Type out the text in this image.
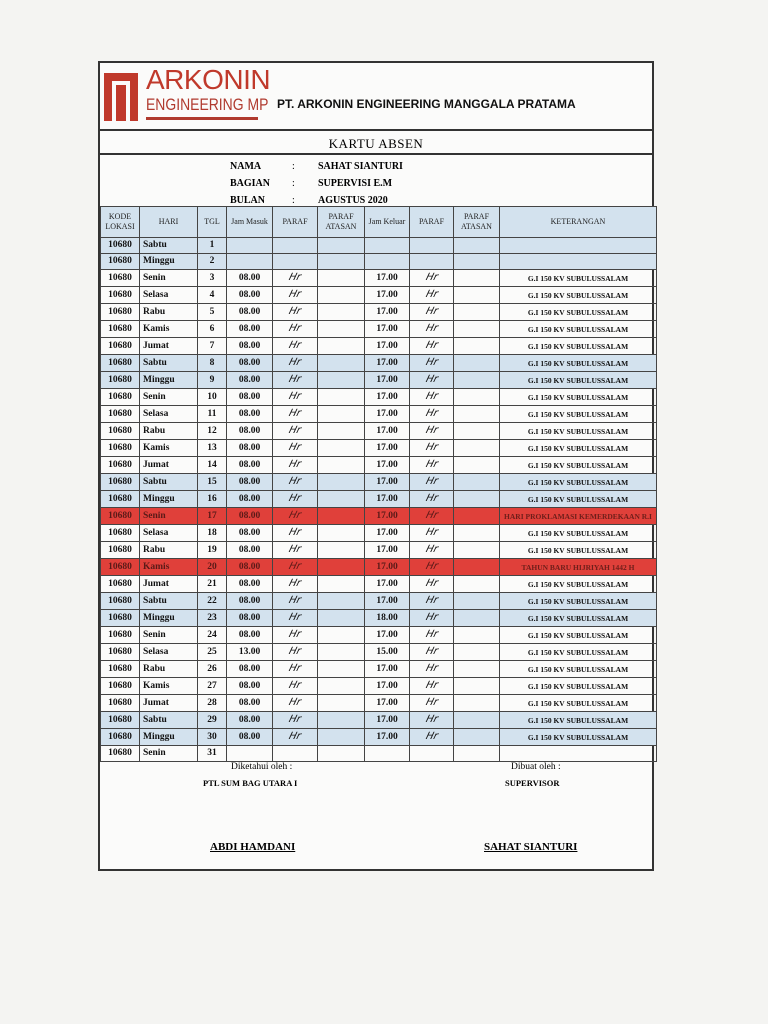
ARKONIN
ENGINEERING MP PT. ARKONIN ENGINEERING MANGGALA PRATAMA
KARTU ABSEN
NAMA	:	SAHAT SIANTURI
BAGIAN	:	SUPERVISI E.M
BULAN	:	AGUSTUS 2020
KODE LOKASI	HARI	TGL	Jam Masuk	PARAF	PARAF ATASAN	Jam Keluar	PARAF	PARAF ATASAN	KETERANGAN
10680	Sabtu	1							
10680	Minggu	2							
10680	Senin	3	08.00	Hr		17.00	Hr		G.I 150 KV SUBULUSSALAM
10680	Selasa	4	08.00	Hr		17.00	Hr		G.I 150 KV SUBULUSSALAM
10680	Rabu	5	08.00	Hr		17.00	Hr		G.I 150 KV SUBULUSSALAM
10680	Kamis	6	08.00	Hr		17.00	Hr		G.I 150 KV SUBULUSSALAM
10680	Jumat	7	08.00	Hr		17.00	Hr		G.I 150 KV SUBULUSSALAM
10680	Sabtu	8	08.00	Hr		17.00	Hr		G.I 150 KV SUBULUSSALAM
10680	Minggu	9	08.00	Hr		17.00	Hr		G.I 150 KV SUBULUSSALAM
10680	Senin	10	08.00	Hr		17.00	Hr		G.I 150 KV SUBULUSSALAM
10680	Selasa	11	08.00	Hr		17.00	Hr		G.I 150 KV SUBULUSSALAM
10680	Rabu	12	08.00	Hr		17.00	Hr		G.I 150 KV SUBULUSSALAM
10680	Kamis	13	08.00	Hr		17.00	Hr		G.I 150 KV SUBULUSSALAM
10680	Jumat	14	08.00	Hr		17.00	Hr		G.I 150 KV SUBULUSSALAM
10680	Sabtu	15	08.00	Hr		17.00	Hr		G.I 150 KV SUBULUSSALAM
10680	Minggu	16	08.00	Hr		17.00	Hr		G.I 150 KV SUBULUSSALAM
10680	Senin	17	08.00	Hr		17.00	Hr		HARI PROKLAMASI KEMERDEKAAN R.I
10680	Selasa	18	08.00	Hr		17.00	Hr		G.I 150 KV SUBULUSSALAM
10680	Rabu	19	08.00	Hr		17.00	Hr		G.I 150 KV SUBULUSSALAM
10680	Kamis	20	08.00	Hr		17.00	Hr		TAHUN BARU HIJRIYAH 1442 H
10680	Jumat	21	08.00	Hr		17.00	Hr		G.I 150 KV SUBULUSSALAM
10680	Sabtu	22	08.00	Hr		17.00	Hr		G.I 150 KV SUBULUSSALAM
10680	Minggu	23	08.00	Hr		18.00	Hr		G.I 150 KV SUBULUSSALAM
10680	Senin	24	08.00	Hr		17.00	Hr		G.I 150 KV SUBULUSSALAM
10680	Selasa	25	13.00	Hr		15.00	Hr		G.I 150 KV SUBULUSSALAM
10680	Rabu	26	08.00	Hr		17.00	Hr		G.I 150 KV SUBULUSSALAM
10680	Kamis	27	08.00	Hr		17.00	Hr		G.I 150 KV SUBULUSSALAM
10680	Jumat	28	08.00	Hr		17.00	Hr		G.I 150 KV SUBULUSSALAM
10680	Sabtu	29	08.00	Hr		17.00	Hr		G.I 150 KV SUBULUSSALAM
10680	Minggu	30	08.00	Hr		17.00	Hr		G.I 150 KV SUBULUSSALAM
10680	Senin	31							
Diketahui oleh :
PTL SUM BAG UTARA I
Dibuat oleh :
SUPERVISOR
ABDI HAMDANI	SAHAT SIANTURI
